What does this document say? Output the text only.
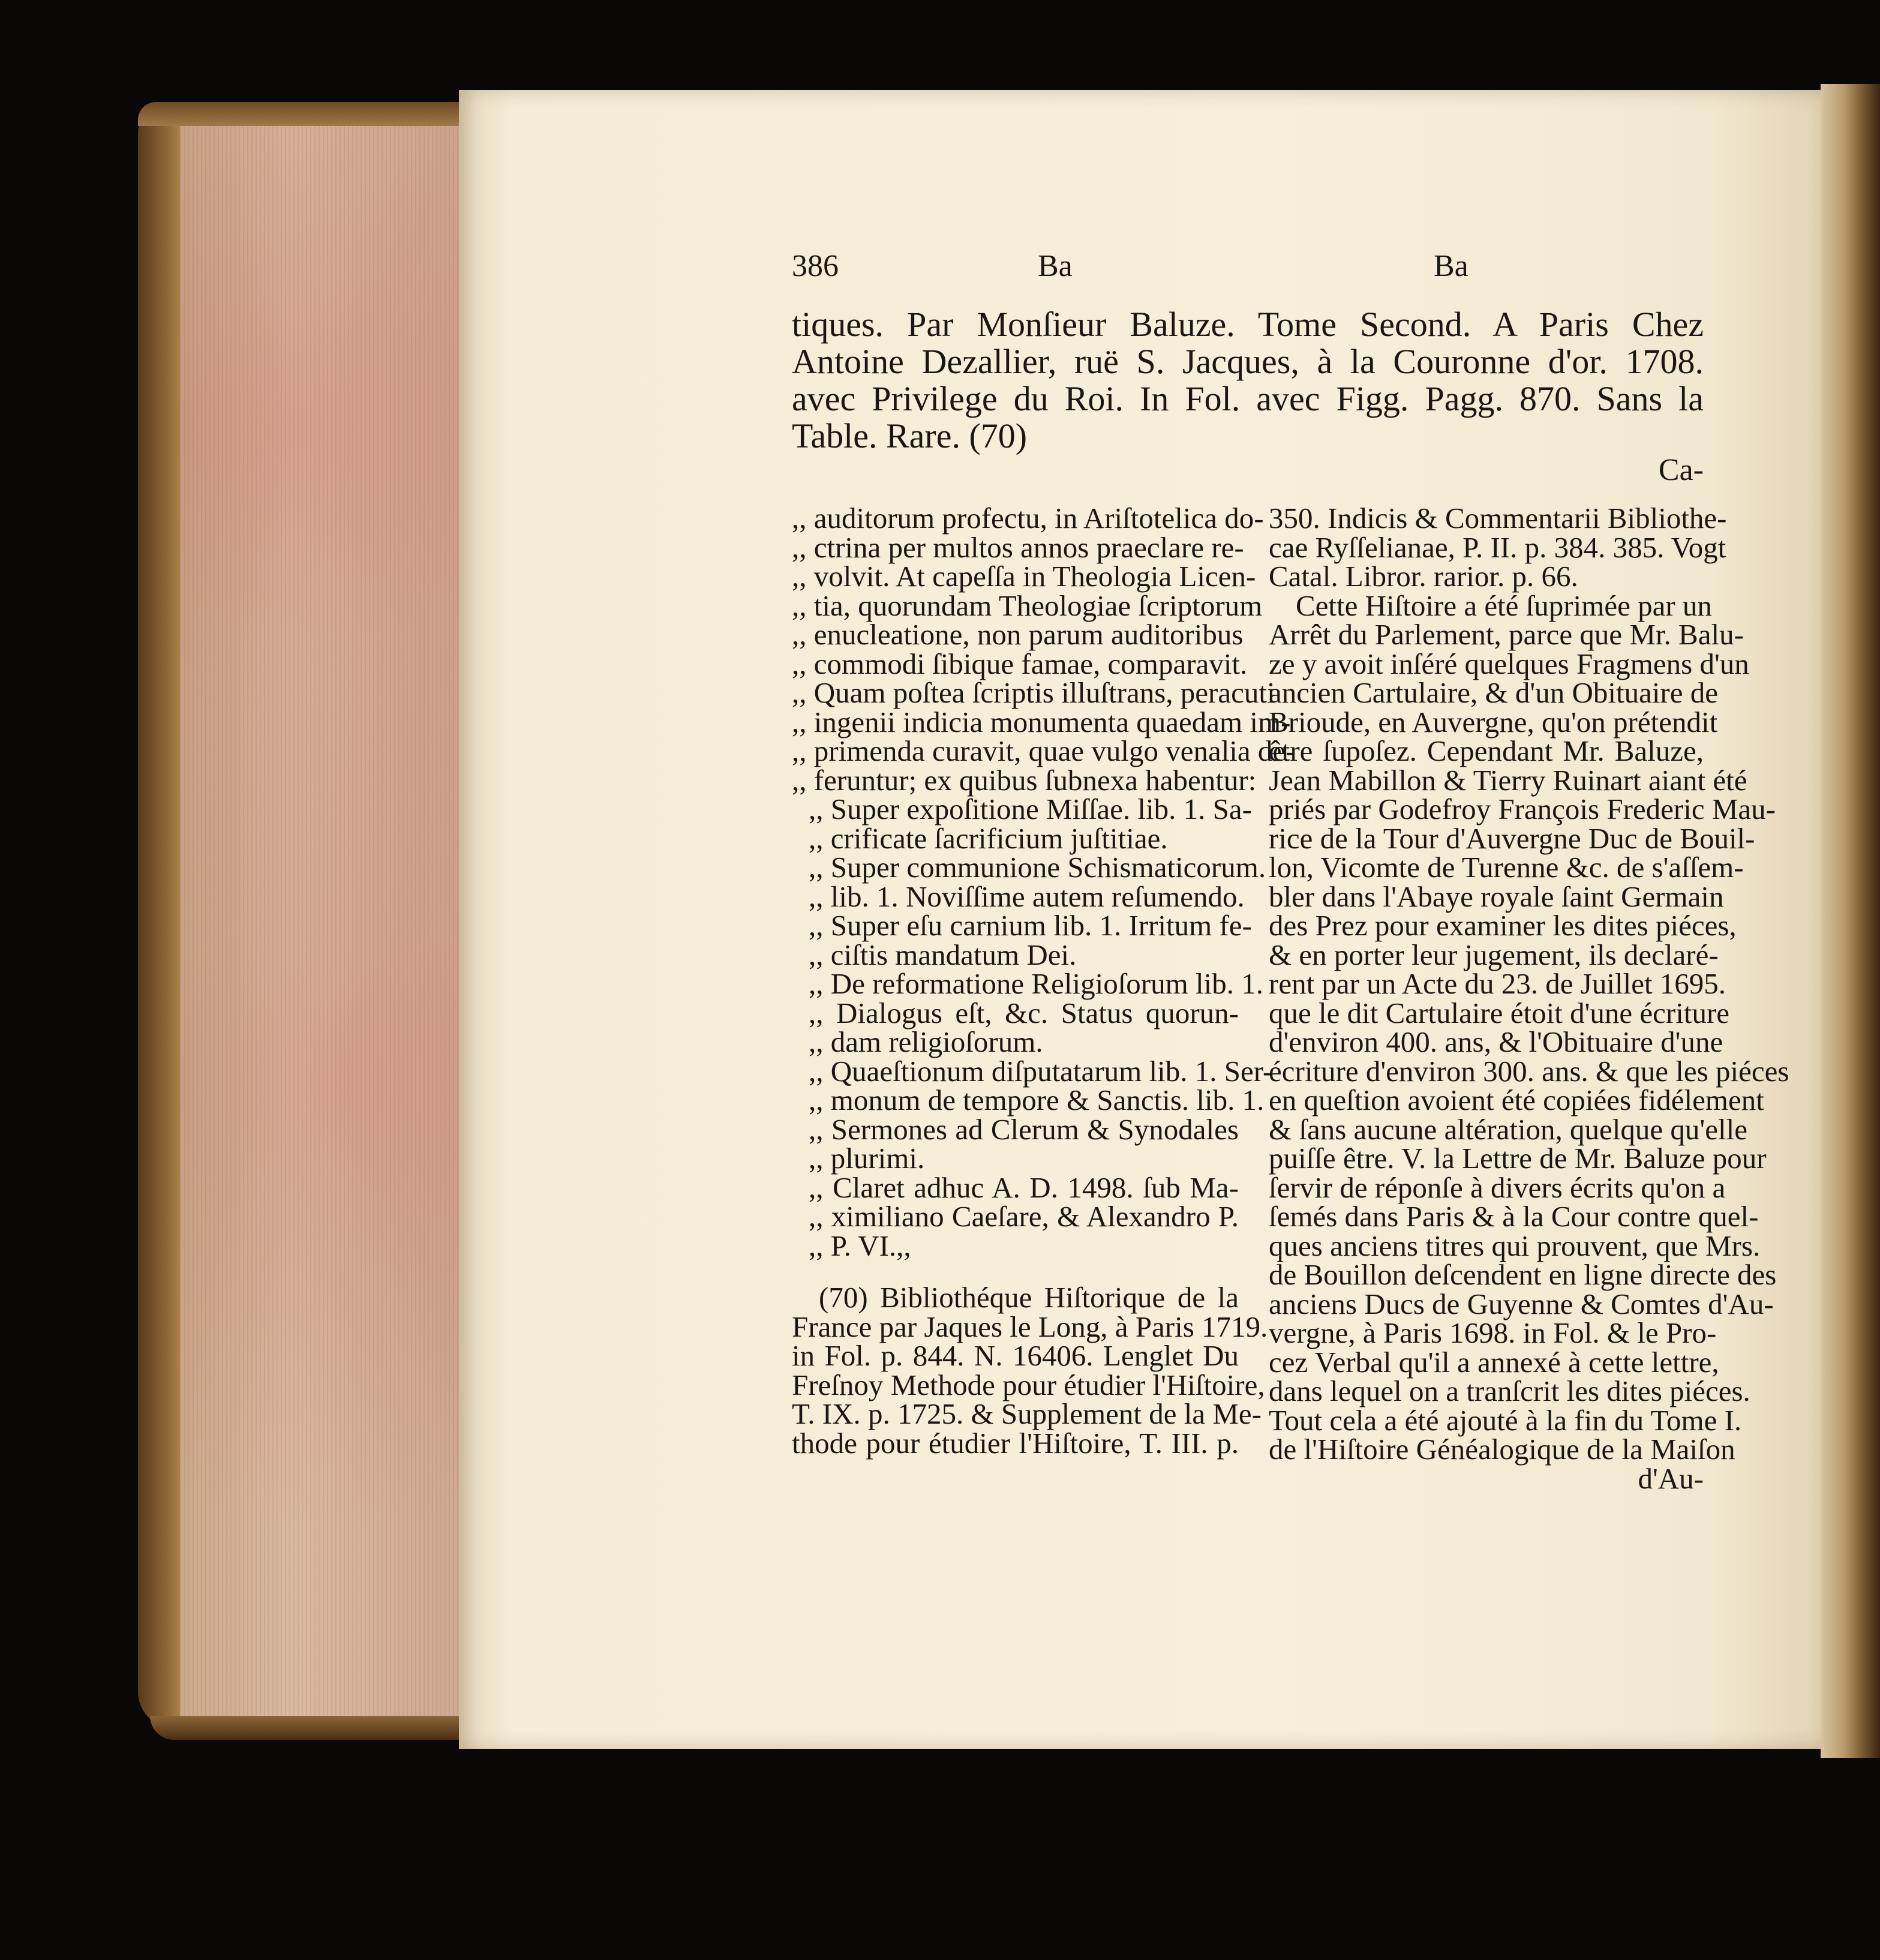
386	Ba	Ba
tiques. Par Monſieur Baluze. Tome Second. A Paris Chez
Antoine Dezallier, ruë S. Jacques, à la Couronne d'or. 1708.
avec Privilege du Roi. In Fol. avec Figg. Pagg. 870. Sans la
Table. Rare. (70)
Ca-
,, auditorum profectu, in Ariſtotelica do-
,, ctrina per multos annos praeclare re-
,, volvit. At capeſſa in Theologia Licen-
,, tia, quorundam Theologiae ſcriptorum
,, enucleatione, non parum auditoribus
,, commodi ſibique famae, comparavit.
,, Quam poſtea ſcriptis illuſtrans, peracuti
,, ingenii indicia monumenta quaedam im-
,, primenda curavit, quae vulgo venalia de-
,, feruntur; ex quibus ſubnexa habentur:
,, Super expoſitione Miſſae. lib. 1. Sa-
,, crificate ſacrificium juſtitiae.
,, Super communione Schismaticorum.
,, lib. 1. Noviſſime autem reſumendo.
,, Super eſu carnium lib. 1. Irritum fe-
,, ciſtis mandatum Dei.
,, De reformatione Religioſorum lib. 1.
,, Dialogus eſt, &c. Status quorun-
,, dam religioſorum.
,, Quaeſtionum diſputatarum lib. 1. Ser-
,, monum de tempore & Sanctis. lib. 1.
,, Sermones ad Clerum & Synodales
,, plurimi.
,, Claret adhuc A. D. 1498. ſub Ma-
,, ximiliano Caeſare, & Alexandro P.
,, P. VI.,,
(70) Bibliothéque Hiſtorique de la
France par Jaques le Long, à Paris 1719.
in Fol. p. 844. N. 16406. Lenglet Du
Freſnoy Methode pour étudier l'Hiſtoire,
T. IX. p. 1725. & Supplement de la Me-
thode pour étudier l'Hiſtoire, T. III. p.
350. Indicis & Commentarii Bibliothe-
cae Ryſſelianae, P. II. p. 384. 385. Vogt
Catal. Libror. rarior. p. 66.
Cette Hiſtoire a été ſuprimée par un
Arrêt du Parlement, parce que Mr. Balu-
ze y avoit inſéré quelques Fragmens d'un
ancien Cartulaire, & d'un Obituaire de
Brioude, en Auvergne, qu'on prétendit
être ſupoſez. Cependant Mr. Baluze,
Jean Mabillon & Tierry Ruinart aiant été
priés par Godefroy François Frederic Mau-
rice de la Tour d'Auvergne Duc de Bouil-
lon, Vicomte de Turenne &c. de s'aſſem-
bler dans l'Abaye royale ſaint Germain
des Prez pour examiner les dites piéces,
& en porter leur jugement, ils declaré-
rent par un Acte du 23. de Juillet 1695.
que le dit Cartulaire étoit d'une écriture
d'environ 400. ans, & l'Obituaire d'une
écriture d'environ 300. ans. & que les piéces
en queſtion avoient été copiées fidélement
& ſans aucune altération, quelque qu'elle
puiſſe être. V. la Lettre de Mr. Baluze pour
ſervir de réponſe à divers écrits qu'on a
ſemés dans Paris & à la Cour contre quel-
ques anciens titres qui prouvent, que Mrs.
de Bouillon deſcendent en ligne directe des
anciens Ducs de Guyenne & Comtes d'Au-
vergne, à Paris 1698. in Fol. & le Pro-
cez Verbal qu'il a annexé à cette lettre,
dans lequel on a tranſcrit les dites piéces.
Tout cela a été ajouté à la fin du Tome I.
de l'Hiſtoire Généalogique de la Maiſon
d'Au-
